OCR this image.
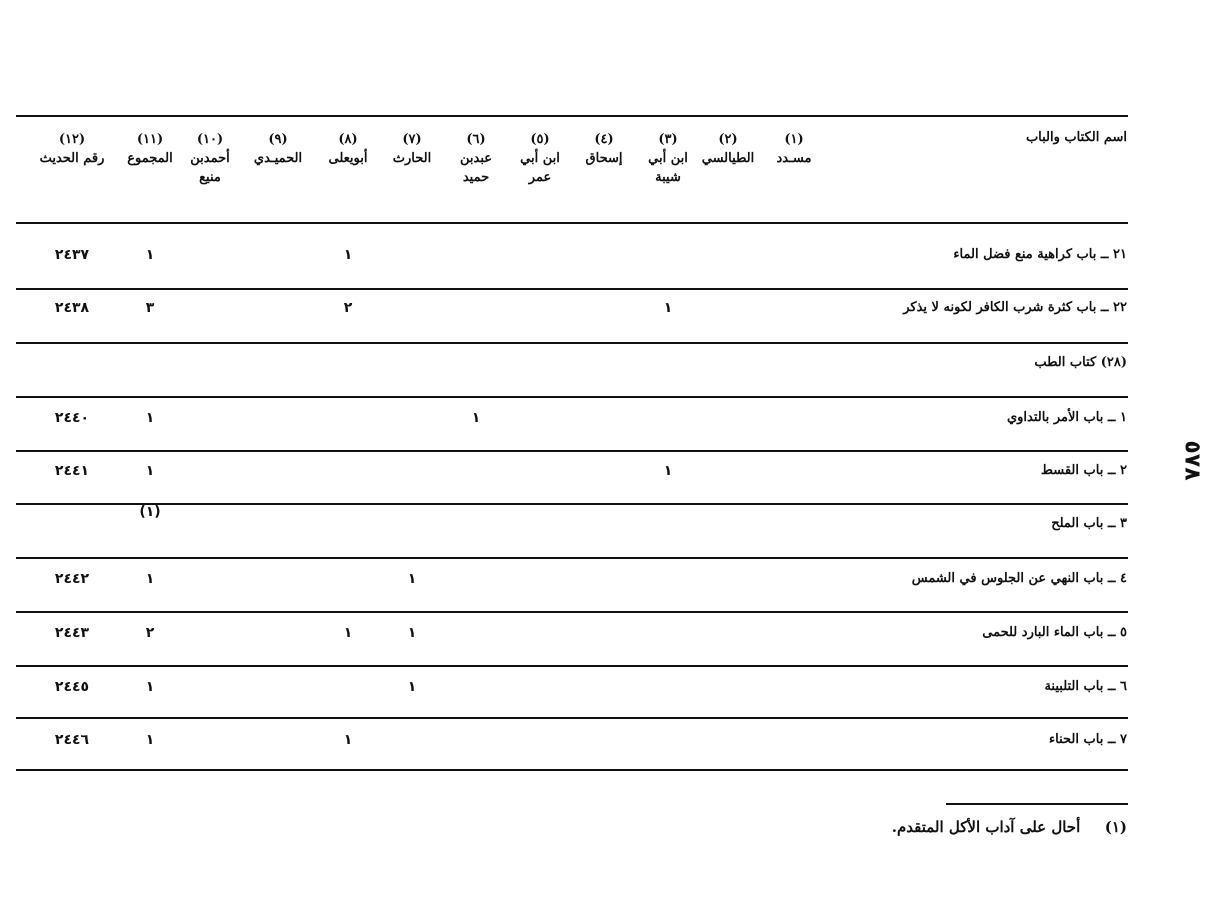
اسم الكتاب والباب
(١)
مسـدد
(٢)
الطيالسي
(٣)
ابن أبي
شيبة
(٤)
إسحاق
(٥)
ابن أبي
عمر
(٦)
عبدبن
حميد
(٧)
الحارث
(٨)
أبويعلى
(٩)
الحميـدي
(١٠)
أحمدبن
منيع
(١١)
المجموع
(١٢)
رقم الحديث
٢١ ــ باب كراهية منع فضل الماء
١
١
٢٤٣٧
٢٢ ــ باب كثرة شرب الكافر لكونه لا يذكر
١
٢
٣
٢٤٣٨
(٢٨) كتاب الطب
١ ــ باب الأمر بالتداوي
١
١
٢٤٤٠
٢ ــ باب القسط
١
١
٢٤٤١
٣ ــ باب الملح
(١)
٤ ــ باب النهي عن الجلوس في الشمس
١
١
٢٤٤٢
٥ ــ باب الماء البارد للحمى
١
١
٢
٢٤٤٣
٦ ــ باب التلبينة
١
١
٢٤٤٥
٧ ــ باب الحناء
١
١
٢٤٤٦
٥٧٨
(١)  أحال على آداب الأكل المتقدم.
